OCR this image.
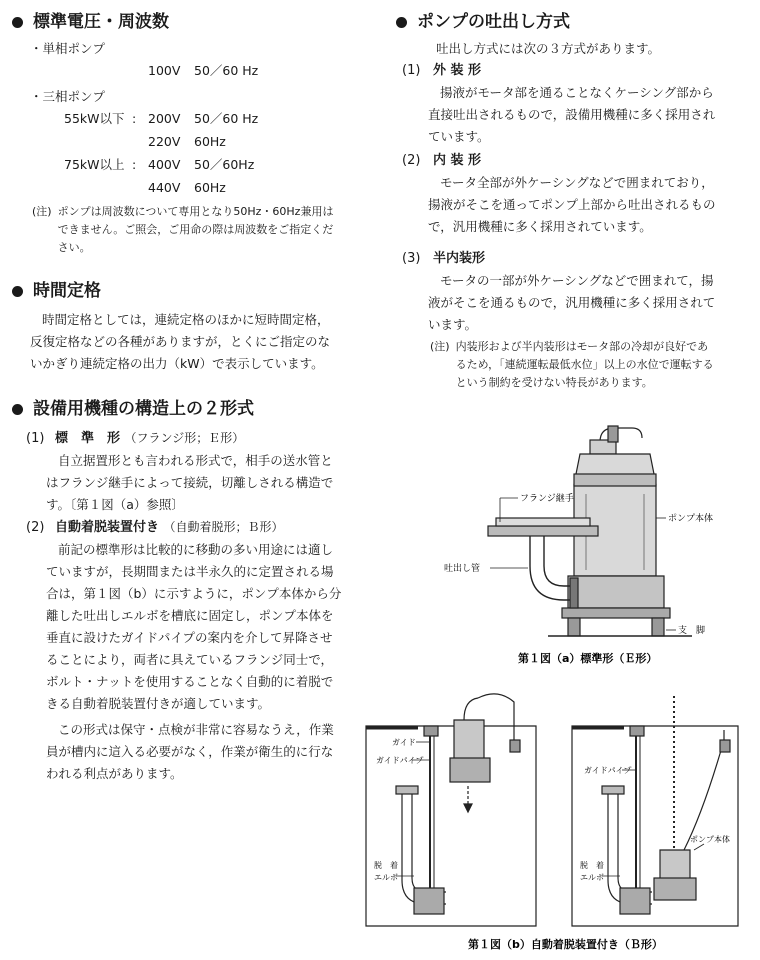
標準電圧・周波数
・単相ポンプ
100V	50／60 Hz
・三相ポンプ
55kW以下 : 200V	50／60 Hz
220V	60Hz
75kW以上 : 400V	50／60Hz
440V	60Hz
(注) ポンプは周波数について専用となり50Hz・60Hz兼用は
できません。ご照会，ご用命の際は周波数をご指定くだ
さい。
時間定格
時間定格としては，連続定格のほかに短時間定格，
反復定格などの各種がありますが，とくにご指定のな
いかぎり連続定格の出力（kW）で表示しています。
設備用機種の構造上の２形式
(1) 標　準　形 （フランジ形；Ｅ形）
自立据置形とも言われる形式で，相手の送水管と
はフランジ継手によって接続，切離しされる構造で
す。〔第１図（a）参照〕
(2) 自動着脱装置付き （自動着脱形；Ｂ形）
前記の標準形は比較的に移動の多い用途には適し
ていますが，長期間または半永久的に定置される場
合は，第１図（b）に示すように，ポンプ本体から分
離した吐出しエルボを槽底に固定し，ポンプ本体を
垂直に設けたガイドパイプの案内を介して昇降させ
ることにより，両者に具えているフランジ同士で，
ボルト・ナットを使用することなく自動的に着脱で
きる自動着脱装置付きが適しています。
この形式は保守・点検が非常に容易なうえ，作業
員が槽内に這入る必要がなく，作業が衛生的に行な
われる利点があります。
ポンプの吐出し方式
吐出し方式には次の３方式があります。
(1) 外 装 形
揚液がモータ部を通ることなくケーシング部から
直接吐出されるもので，設備用機種に多く採用され
ています。
(2) 内 装 形
モータ全部が外ケーシングなどで囲まれており，
揚液がそこを通ってポンプ上部から吐出されるもの
で，汎用機種に多く採用されています。
(3) 半内装形
モータの一部が外ケーシングなどで囲まれて，揚
液がそこを通るもので，汎用機種に多く採用されて
います。
(注) 内装形および半内装形はモータ部の冷却が良好であ
るため，「連続運転最低水位」以上の水位で運転する
という制約を受けない特長があります。
フランジ継手
ポンプ本体
吐出し管
支　脚
第１図（a）標準形（Ｅ形）
ガイド
ガイドパイプ
脱　着
エルボ
ガイドパイプ
ポンプ本体
脱　着
エルボ
第１図（b）自動着脱装置付き（Ｂ形）
